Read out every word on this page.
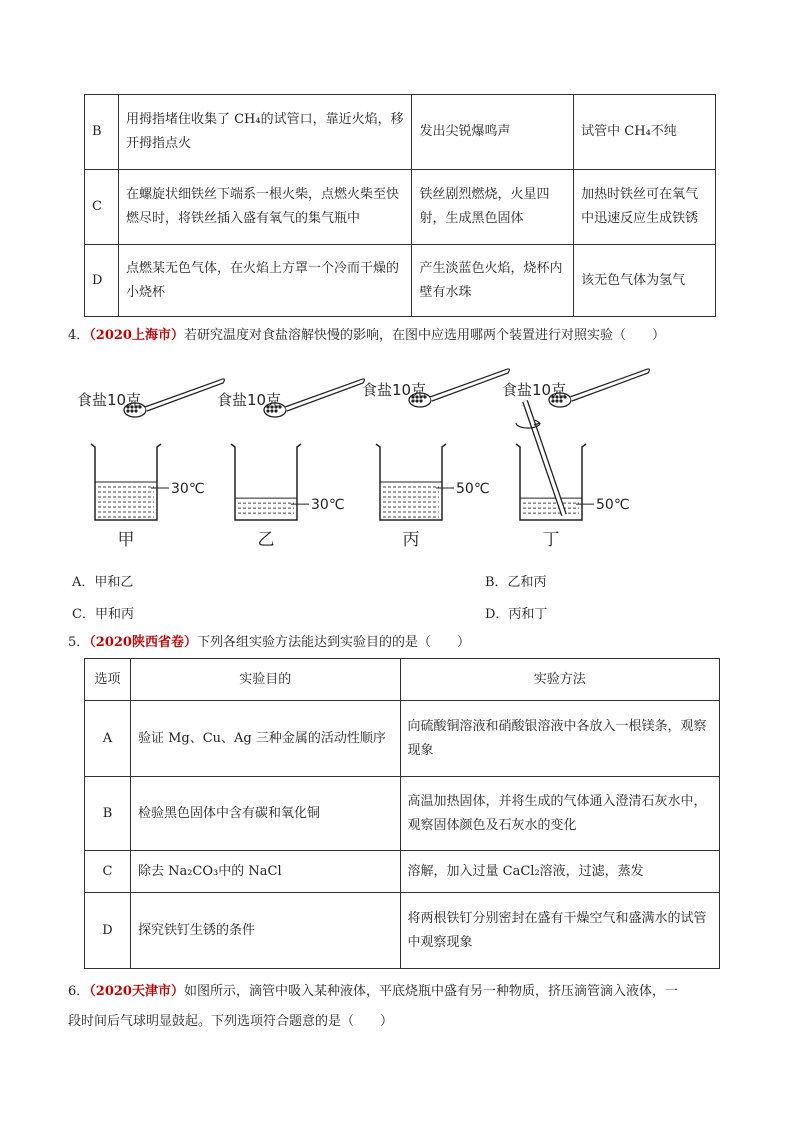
B	用拇指堵住收集了 CH₄的试管口，靠近火焰，移开拇指点火	发出尖锐爆鸣声	试管中 CH₄不纯
C	在螺旋状细铁丝下端系一根火柴，点燃火柴至快燃尽时，将铁丝插入盛有氧气的集气瓶中	铁丝剧烈燃烧，火星四射，生成黑色固体	加热时铁丝可在氧气中迅速反应生成铁锈
D	点燃某无色气体，在火焰上方罩一个冷而干燥的小烧杯	产生淡蓝色火焰，烧杯内壁有水珠	该无色气体为氢气
4．（2020上海市）若研究温度对食盐溶解快慢的影响，在图中应选用哪两个装置进行对照实验（　　）
30℃
甲
食盐10克
30℃
乙
食盐10克
50℃
丙
食盐10克
50℃
丁
食盐10克
A．甲和乙	B．乙和丙
C．甲和丙	D．丙和丁
5．（2020陕西省卷）下列各组实验方法能达到实验目的的是（　　）
选项	实验目的	实验方法
A	验证 Mg、Cu、Ag 三种金属的活动性顺序	向硫酸铜溶液和硝酸银溶液中各放入一根镁条，观察现象
B	检验黑色固体中含有碳和氧化铜	高温加热固体，并将生成的气体通入澄清石灰水中，观察固体颜色及石灰水的变化
C	除去 Na₂CO₃中的 NaCl	溶解，加入过量 CaCl₂溶液，过滤，蒸发
D	探究铁钉生锈的条件	将两根铁钉分别密封在盛有干燥空气和盛满水的试管中观察现象
6．（2020天津市）如图所示，滴管中吸入某种液体，平底烧瓶中盛有另一种物质，挤压滴管滴入液体，一
段时间后气球明显鼓起。下列选项符合题意的是（　　）
